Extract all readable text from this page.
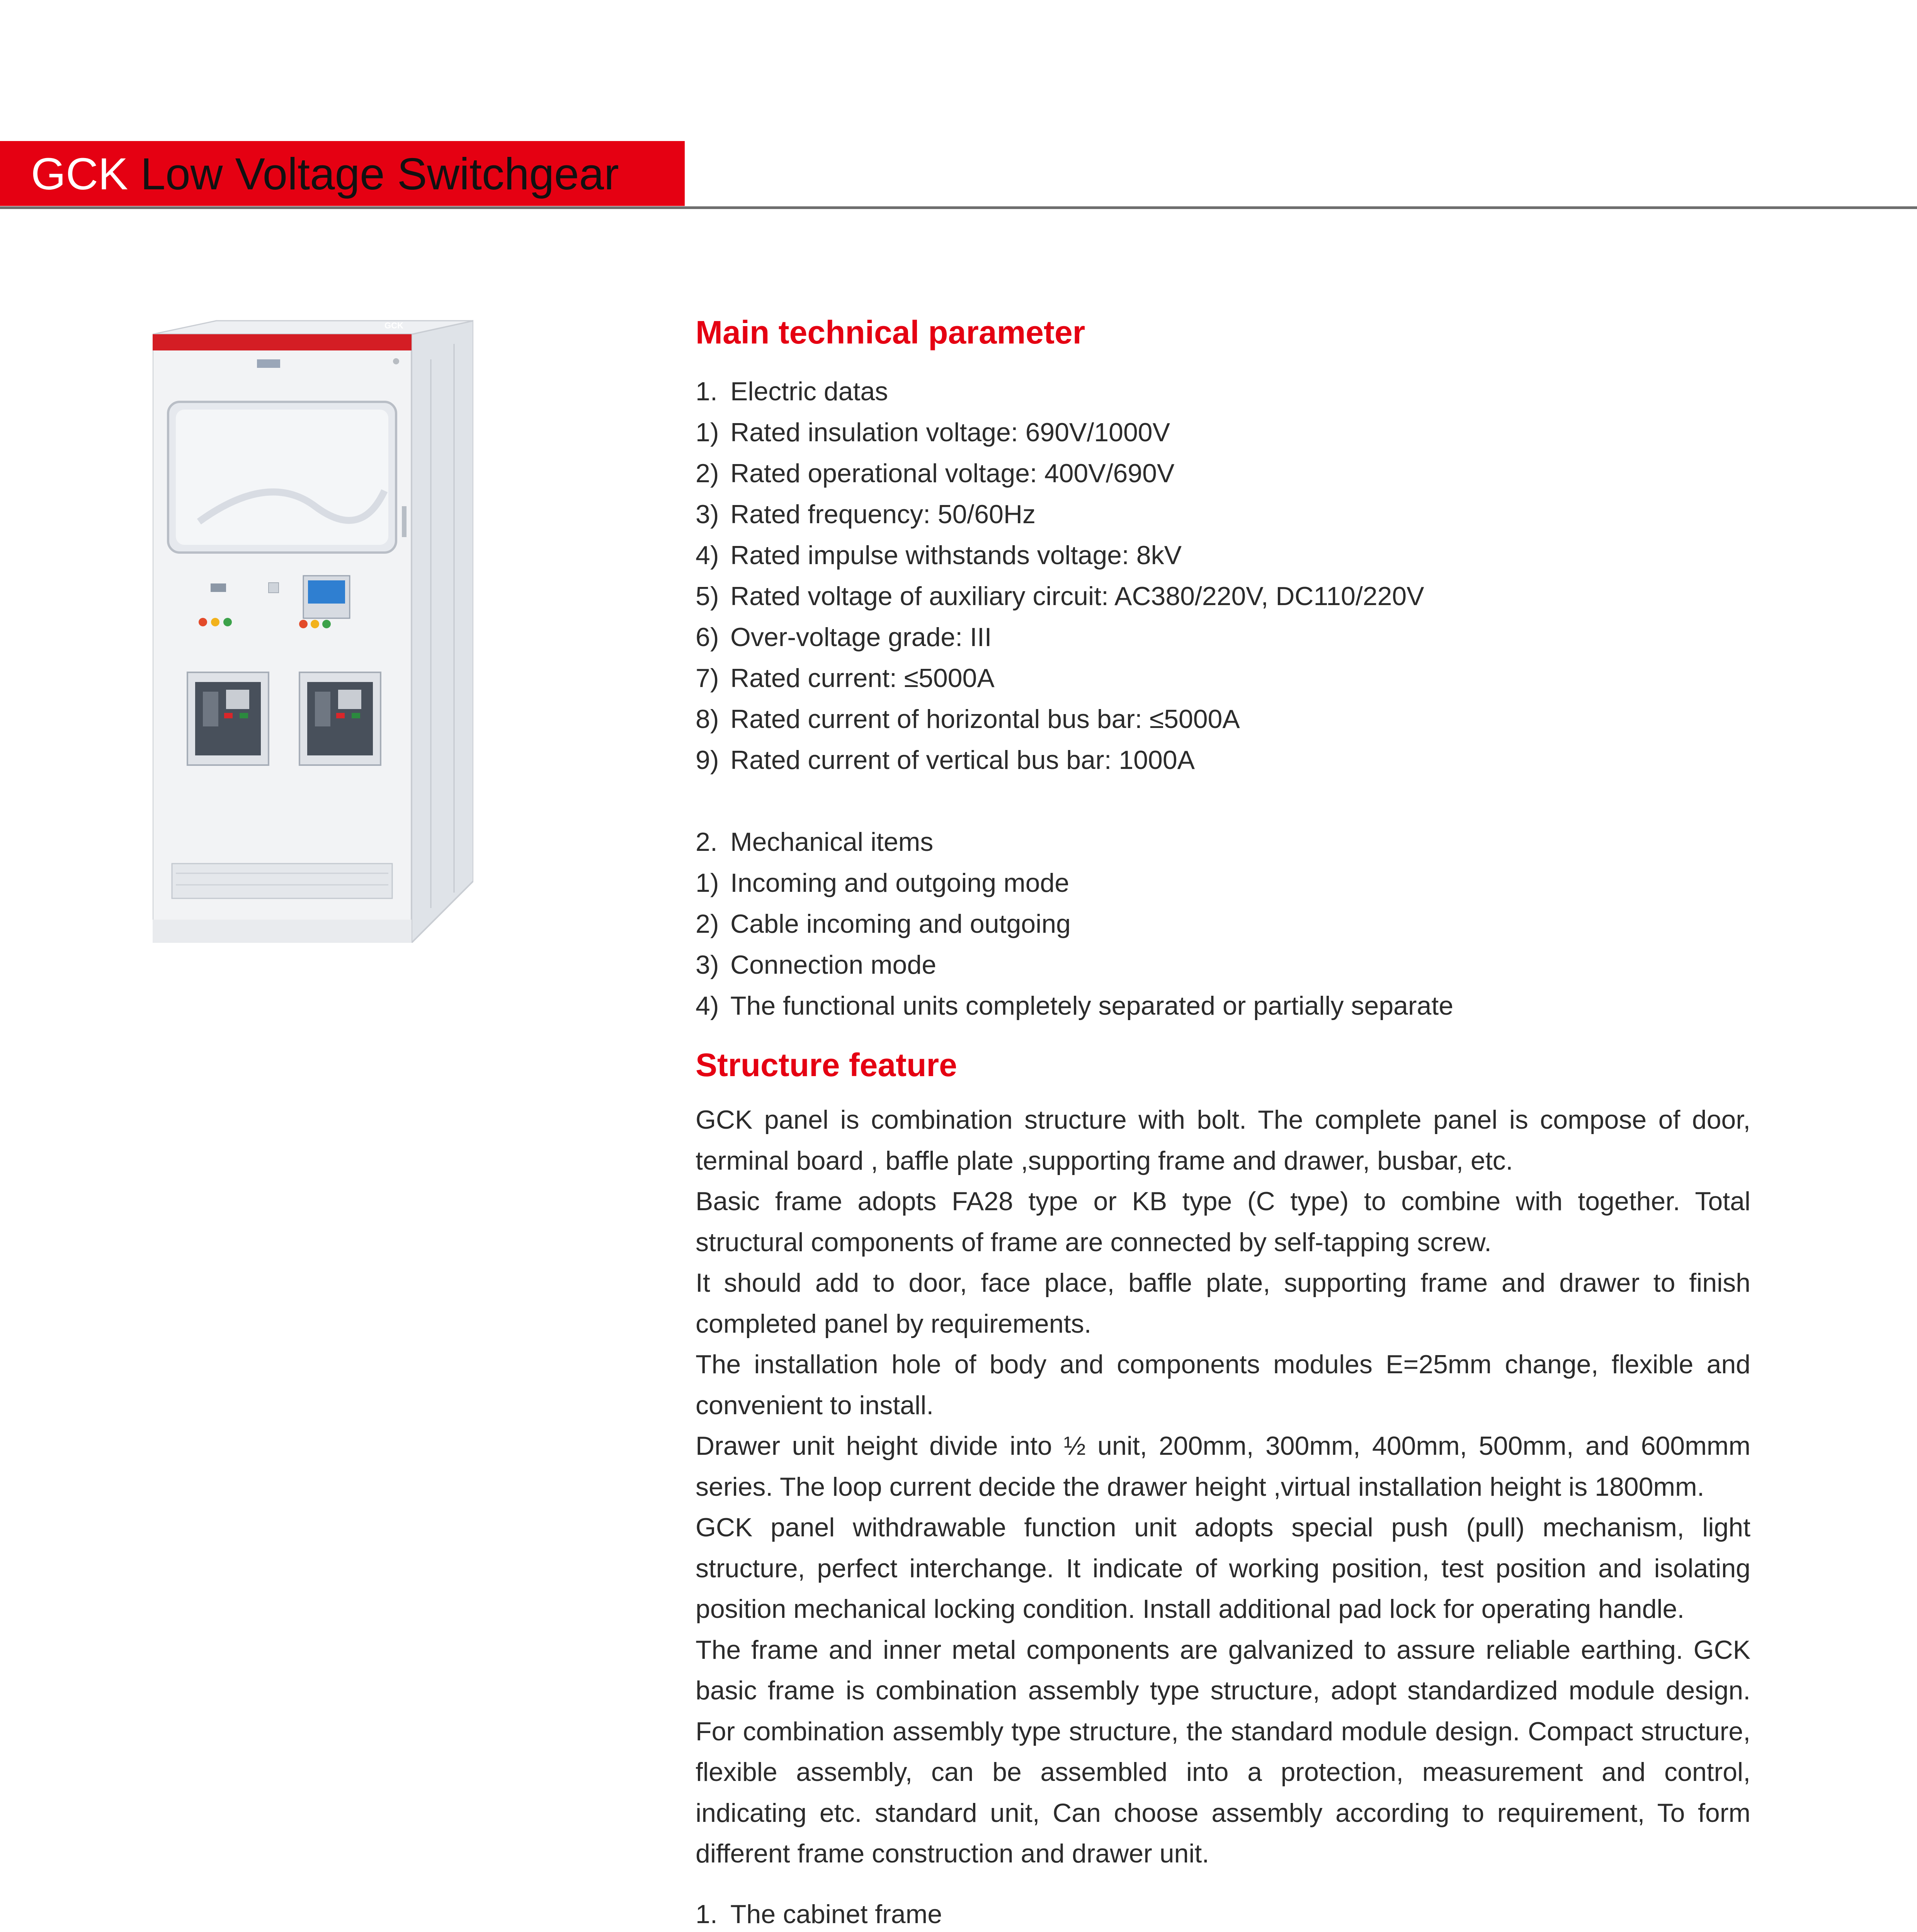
GCK Low Voltage Switchgear
GCK	Main technical parameter
1. Electric datas
1) Rated insulation voltage: 690V/1000V
2) Rated operational voltage: 400V/690V
3) Rated frequency: 50/60Hz
4) Rated impulse withstands voltage: 8kV
5) Rated voltage of auxiliary circuit: AC380/220V, DC110/220V
6) Over-voltage grade: III
7) Rated current: ≤5000A
8) Rated current of horizontal bus bar: ≤5000A
9) Rated current of vertical bus bar: 1000A
2. Mechanical items
1) Incoming and outgoing mode
2) Cable incoming and outgoing
3) Connection mode
4) The functional units completely separated or partially separate
Structure feature

GCK panel is combination structure with bolt. The complete panel is compose of door, terminal board , baffle plate ,supporting frame and drawer, busbar, etc.

Basic frame adopts FA28 type or KB type (C type) to combine with together. Total structural components of frame are connected by self-tapping screw.

It should add to door, face place, baffle plate, supporting frame and drawer to finish completed panel by requirements.

The installation hole of body and components modules E=25mm change, flexible and convenient to install.

Drawer unit height divide into ½ unit, 200mm, 300mm, 400mm, 500mm, and 600mmm series. The loop current decide the drawer height ,virtual installation height is 1800mm.

GCK panel withdrawable function unit adopts special push (pull) mechanism, light structure, perfect interchange. It indicate of working position, test position and isolating position mechanical locking condition. Install additional pad lock for operating handle.

The frame and inner metal components are galvanized to assure reliable earthing. GCK basic frame is combination assembly type structure, adopt standardized module design. For combination assembly type structure, the standard module design. Compact structure, flexible assembly, can be assembled into a protection, measurement and control, indicating etc. standard unit, Can choose assembly according to requirement, To form different frame construction and drawer unit.

1. The cabinet frame
